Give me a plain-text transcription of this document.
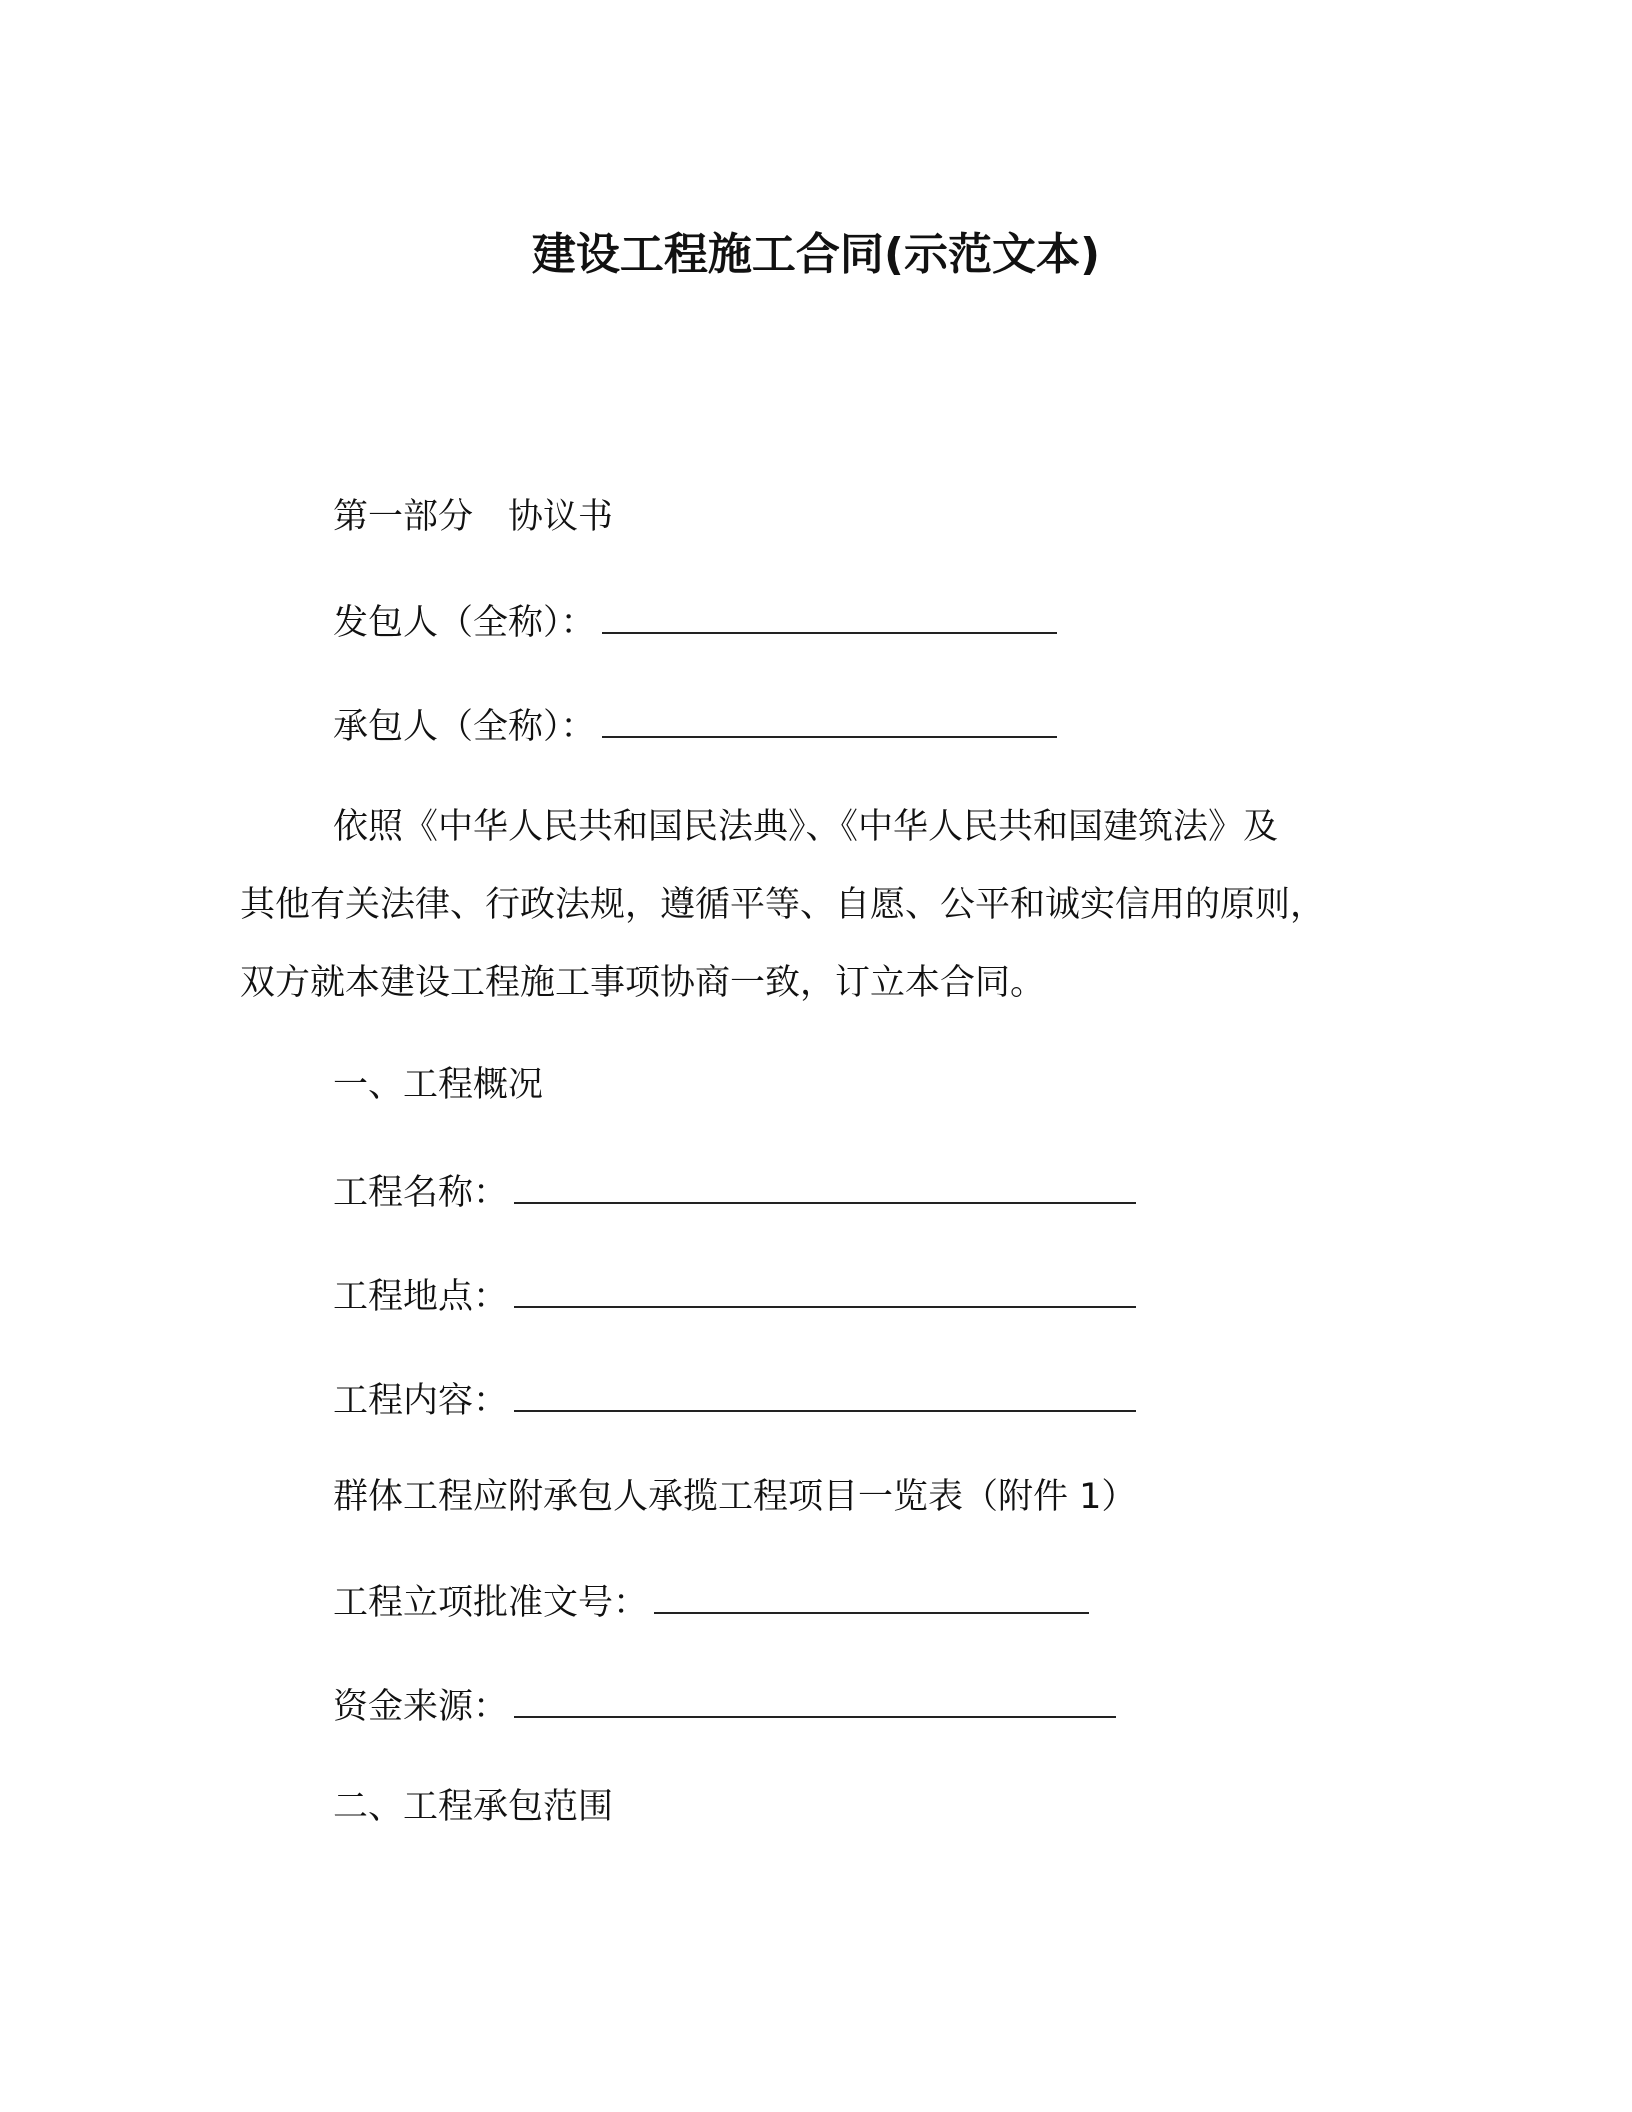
建设工程施工合同(示范文本)
第一部分　协议书
发包人（全称）：
承包人（全称）：
依照《中华人民共和国民法典》、《中华人民共和国建筑法》及
其他有关法律、行政法规，遵循平等、自愿、公平和诚实信用的原则，
双方就本建设工程施工事项协商一致，订立本合同。
一、工程概况
工程名称：
工程地点：
工程内容：
群体工程应附承包人承揽工程项目一览表（附件 1）
工程立项批准文号：
资金来源：
二、工程承包范围
